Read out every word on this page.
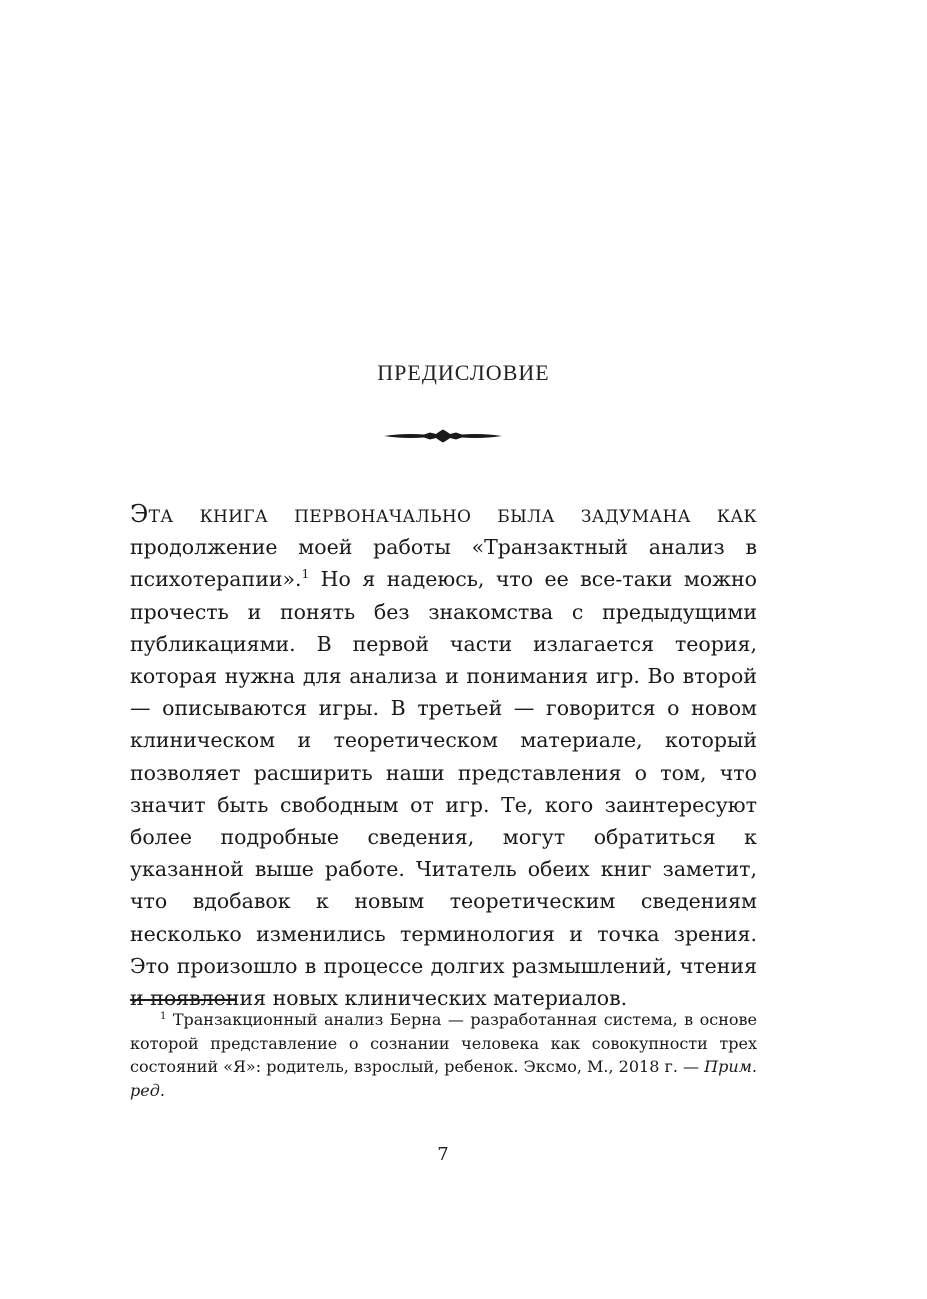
ПРЕДИСЛОВИЕ
Эта книга первоначально была задумана как продолжение моей работы «Транзактный анализ в психотерапии».$^1$ Но я надеюсь, что ее все-таки можно прочесть и понять без знакомства с предыдущими публикациями. В первой части излагается теория, которая нужна для анализа и понимания игр. Во второй — описываются игры. В третьей — говорится о новом клиническом и теоретическом материале, который позволяет расширить наши представления о том, что значит быть свободным от игр. Те, кого заинтересуют более подробные сведения, могут обратиться к указанной выше работе. Читатель обеих книг заметит, что вдобавок к новым теоретическим сведениям несколько изменились терминология и точка зрения. Это произошло в процессе долгих размышлений, чтения и появления новых клинических материалов.
$^1$ Транзакционный анализ Берна — разработанная система, в основе которой представление о сознании человека как совокупности трех состояний «Я»: родитель, взрослый, ребенок. Эксмо, М., 2018 г. — Прим. ред.
7
